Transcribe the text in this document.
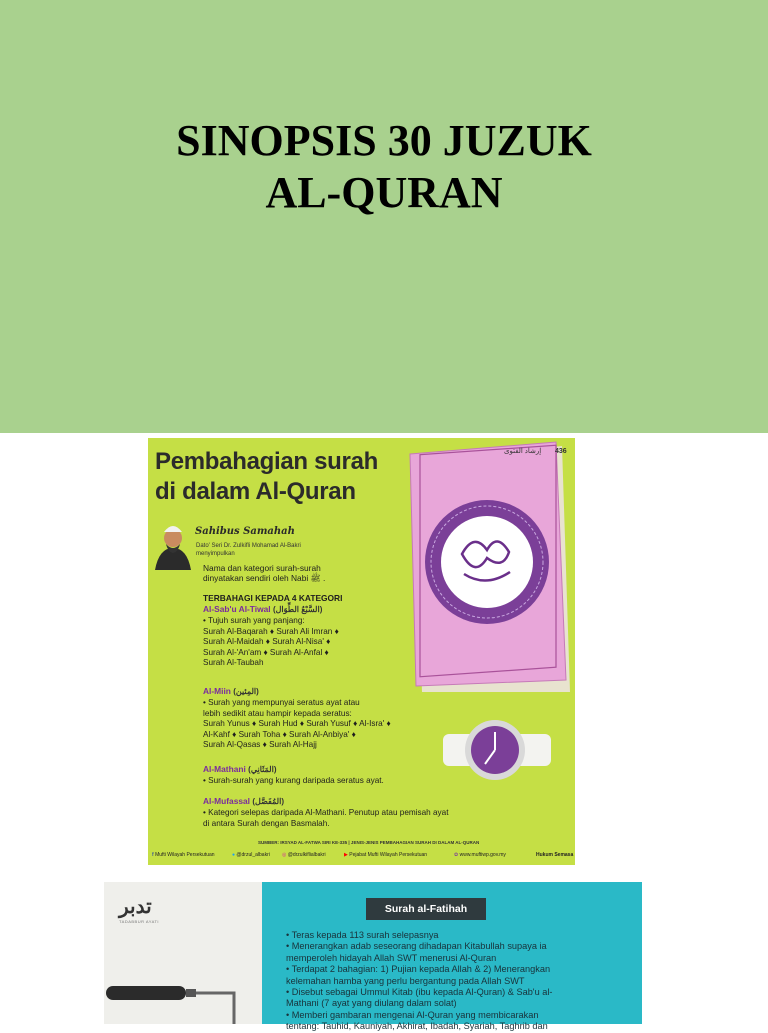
SINOPSIS 30 JUZUK
AL-QURAN
Pembahagian surah
di dalam Al-Quran
إرشاد الفتوى 436
Sahibus Samahah
Dato' Seri Dr. Zulkifli Mohamad Al-Bakri
menyimpulkan
Nama dan kategori surah-surah
dinyatakan sendiri oleh Nabi ﷺ .
TERBAHAGI KEPADA 4 KATEGORI
Al-Sab'u Al-Tiwal (السَّبْعُ الطِّوَال)
• Tujuh surah yang panjang:
Surah Al-Baqarah ♦ Surah Ali Imran ♦
Surah Al-Maidah ♦ Surah Al-Nisa' ♦
Surah Al-'An'am ♦ Surah Al-Anfal ♦
Surah Al-Taubah
Al-Miin (المِئين)
• Surah yang mempunyai seratus ayat atau
lebih sedikit atau hampir kepada seratus:
Surah Yunus ♦ Surah Hud ♦ Surah Yusuf ♦ Al-Isra' ♦
Al-Kahf ♦ Surah Toha ♦ Surah Al-Anbiya' ♦
Surah Al-Qasas ♦ Surah Al-Hajj
Al-Mathani (المَثَانِي)
• Surah-surah yang kurang daripada seratus ayat.
Al-Mufassal (المُفَصَّل)
• Kategori selepas daripada Al-Mathani. Penutup atau pemisah ayat
di antara Surah dengan Basmalah.
SUMBER: IRSYAD AL-FATWA SIRI KE-335 | JENIS-JENIS PEMBAHAGIAN SURAH DI DALAM AL-QURAN
f Mufti Wilayah Persekutuan	● @drzul_albakri ◎ @drzulkiflialbakri	▶ Pejabat Mufti Wilayah Persekutuan	✿ www.muftiwp.gov.my	Hukum Semasa
تدبر
TADABBUR AYATI
Surah al-Fatihah
• Teras kepada 113 surah selepasnya
• Menerangkan adab seseorang dihadapan Kitabullah supaya ia
memperoleh hidayah Allah SWT menerusi Al-Quran
• Terdapat 2 bahagian: 1) Pujian kepada Allah & 2) Menerangkan
kelemahan hamba yang perlu bergantung pada Allah SWT
• Disebut sebagai Ummul Kitab (ibu kepada Al-Quran) & Sab'u al-
Mathani (7 ayat yang diulang dalam solat)
• Memberi gambaran mengenai Al-Quran yang membicarakan
tentang: Tauhid, Kauniyah, Akhirat, Ibadah, Syariah, Taghrib dan
